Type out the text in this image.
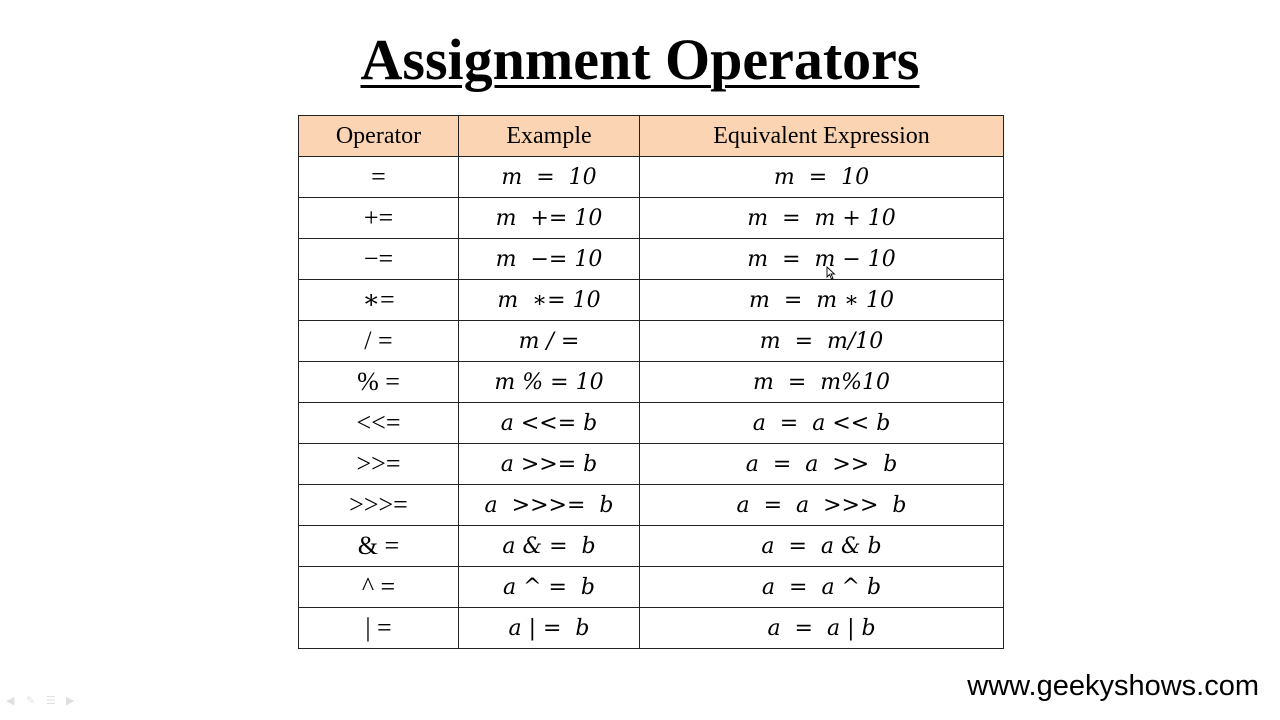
Assignment Operators
Operator	Example	Equivalent Expression
=	m  =  10	m  =  10
+=	m  += 10	m  =  m + 10
−=	m  −= 10	m  =  m − 10
∗=	m  ∗= 10	m  =  m ∗ 10
/ =	m / =	m  =  m/10
% =	m % = 10	m  =  m%10
<<=	a <<= b	a  =  a << b
>>=	a >>= b	a  =  a  >>  b
>>>=	a  >>>=  b	a  =  a  >>>  b
& =	a & =  b	a  =  a & b
^ =	a ^ =  b	a  =  a ^ b
| =	a | =  b	a  =  a | b
www.geekyshows.com
◀	✎ ☰ ▶
